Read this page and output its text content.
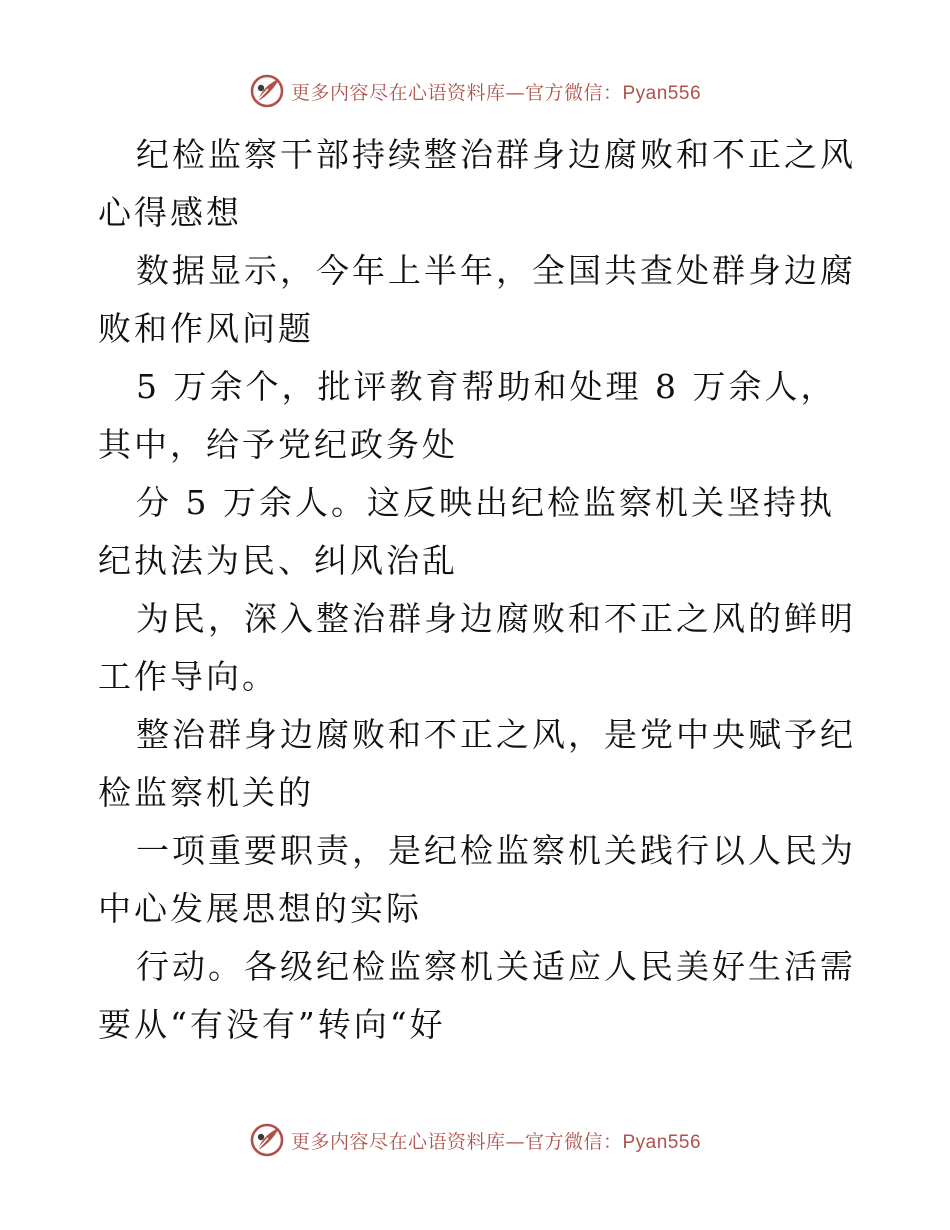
更多内容尽在心语资料库—官方微信：Pyan556

纪检监察干部持续整治群身边腐败和不正之风心得感想

数据显示，今年上半年，全国共查处群身边腐败和作风问题

5 万余个，批评教育帮助和处理 8 万余人，其中，给予党纪政务处

分 5 万余人。这反映出纪检监察机关坚持执纪执法为民、纠风治乱

为民，深入整治群身边腐败和不正之风的鲜明工作导向。

整治群身边腐败和不正之风，是党中央赋予纪检监察机关的

一项重要职责，是纪检监察机关践行以人民为中心发展思想的实际

行动。各级纪检监察机关适应人民美好生活需要从“有没有”转向“好

更多内容尽在心语资料库—官方微信：Pyan556
